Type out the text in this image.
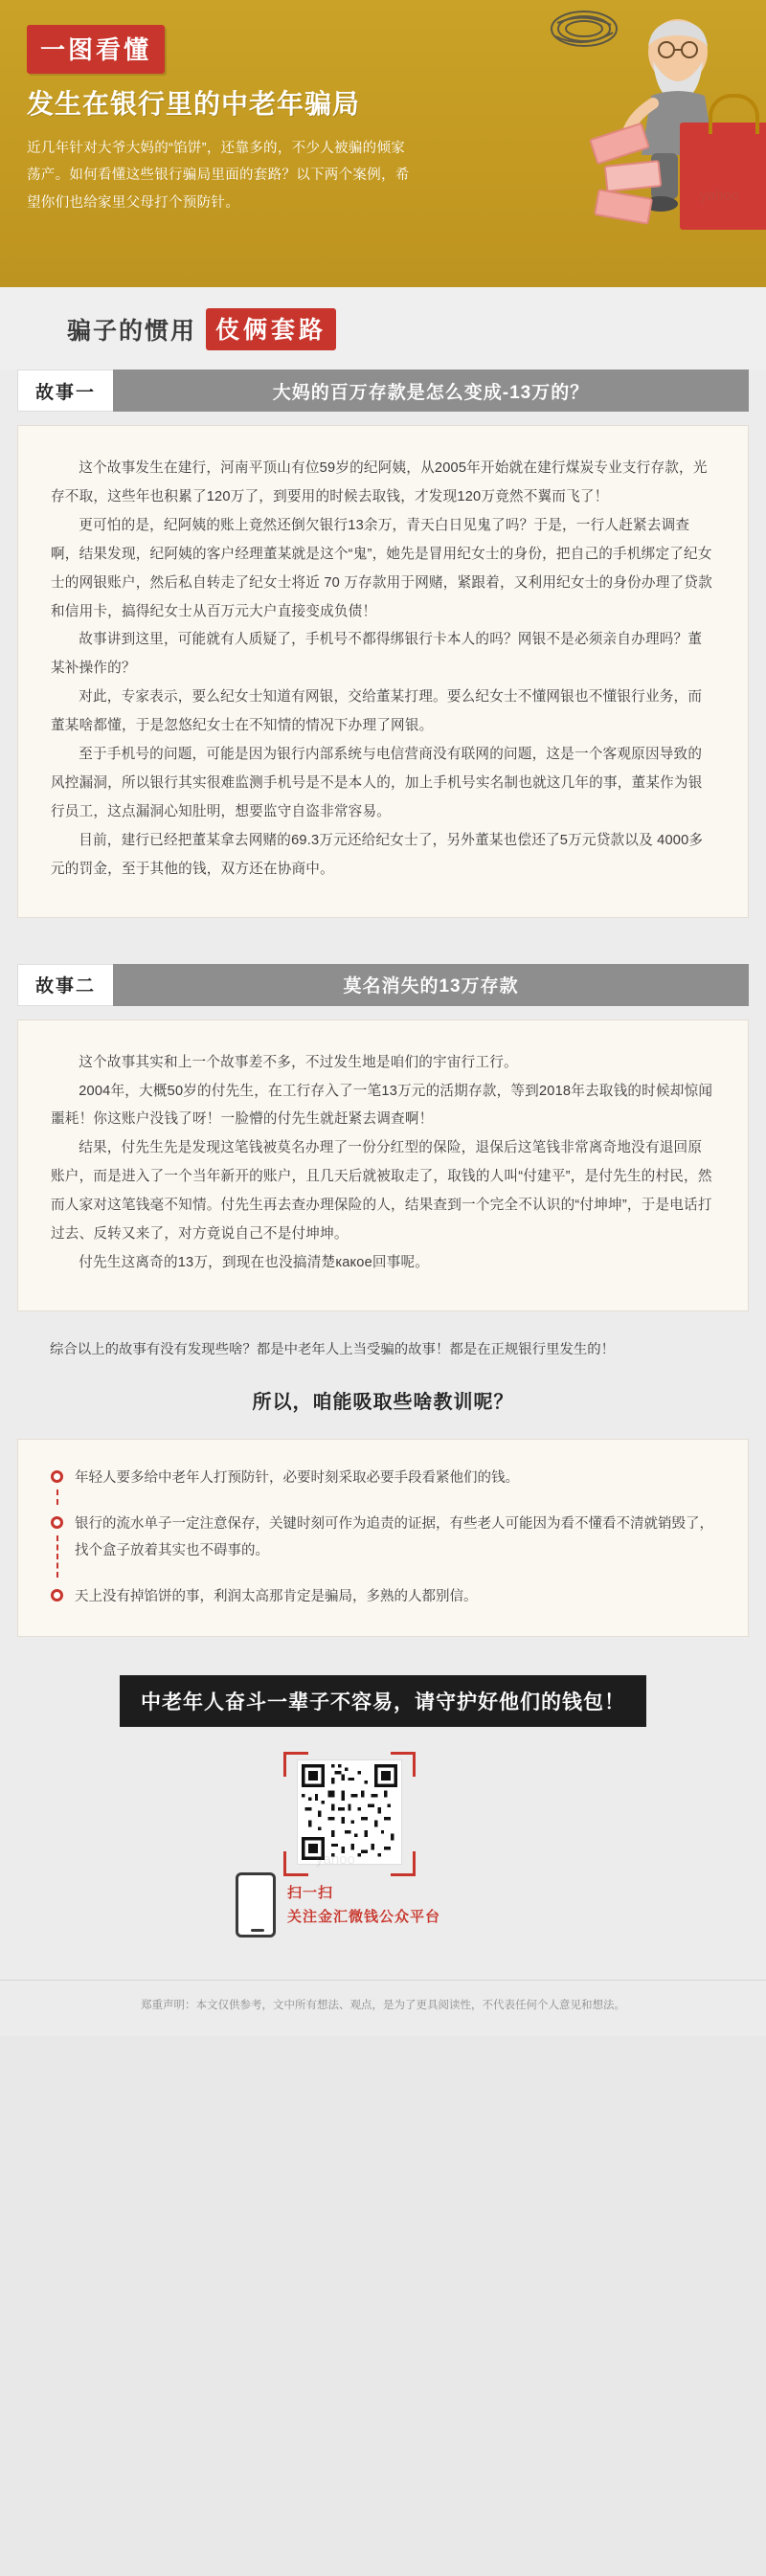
一图看懂
发生在银行里的中老年骗局
近几年针对大爷大妈的“馅饼”，还靠多的，不少人被骗的倾家荡产。如何看懂这些银行骗局里面的套路？以下两个案例，希望你们也给家里父母打个预防针。
骗子的惯用 伎俩套路
故事一	大妈的百万存款是怎么变成-13万的？

这个故事发生在建行，河南平顶山有位59岁的纪阿姨，从2005年开始就在建行煤炭专业支行存款，光存不取，这些年也积累了120万了，到要用的时候去取钱，才发现120万竟然不翼而飞了！

更可怕的是，纪阿姨的账上竟然还倒欠银行13余万，青天白日见鬼了吗？于是，一行人赶紧去调查啊，结果发现，纪阿姨的客户经理董某就是这个“鬼”，她先是冒用纪女士的身份，把自己的手机绑定了纪女士的网银账户，然后私自转走了纪女士将近 70 万存款用于网赌，紧跟着，又利用纪女士的身份办理了贷款和信用卡，搞得纪女士从百万元大户直接变成负债！

故事讲到这里，可能就有人质疑了，手机号不都得绑银行卡本人的吗？网银不是必须亲自办理吗？董某补操作的？

对此，专家表示，要么纪女士知道有网银，交给董某打理。要么纪女士不懂网银也不懂银行业务，而董某啥都懂，于是忽悠纪女士在不知情的情况下办理了网银。

至于手机号的问题，可能是因为银行内部系统与电信营商没有联网的问题，这是一个客观原因导致的风控漏洞，所以银行其实很难监测手机号是不是本人的，加上手机号实名制也就这几年的事，董某作为银行员工，这点漏洞心知肚明，想要监守自盗非常容易。

目前，建行已经把董某拿去网赌的69.3万元还给纪女士了，另外董某也偿还了5万元贷款以及 4000多元的罚金，至于其他的钱，双方还在协商中。

故事二	莫名消失的13万存款

这个故事其实和上一个故事差不多，不过发生地是咱们的宇宙行工行。

2004年，大概50岁的付先生，在工行存入了一笔13万元的活期存款，等到2018年去取钱的时候却惊闻噩耗！你这账户没钱了呀！一脸懵的付先生就赶紧去调查啊！

结果，付先生先是发现这笔钱被莫名办理了一份分红型的保险，退保后这笔钱非常离奇地没有退回原账户，而是进入了一个当年新开的账户，且几天后就被取走了，取钱的人叫“付建平”，是付先生的村民，然而人家对这笔钱毫不知情。付先生再去查办理保险的人，结果查到一个完全不认识的“付坤坤”，于是电话打过去、反转又来了，对方竟说自己不是付坤坤。

付先生这离奇的13万，到现在也没搞清楚какое回事呢。

综合以上的故事有没有发现些啥？都是中老年人上当受骗的故事！都是在正规银行里发生的！
所以，咱能吸取些啥教训呢？
年轻人要多给中老年人打预防针，必要时刻采取必要手段看紧他们的钱。
银行的流水单子一定注意保存，关键时刻可作为追责的证据，有些老人可能因为看不懂看不清就销毁了，找个盒子放着其实也不碍事的。
天上没有掉馅饼的事，利润太高那肯定是骗局，多熟的人都别信。
中老年人奋斗一辈子不容易，请守护好他们的钱包！
扫一扫
关注金汇微钱公众平台
郑重声明：本文仅供参考，文中所有想法、观点，是为了更具阅读性，不代表任何个人意见和想法。
